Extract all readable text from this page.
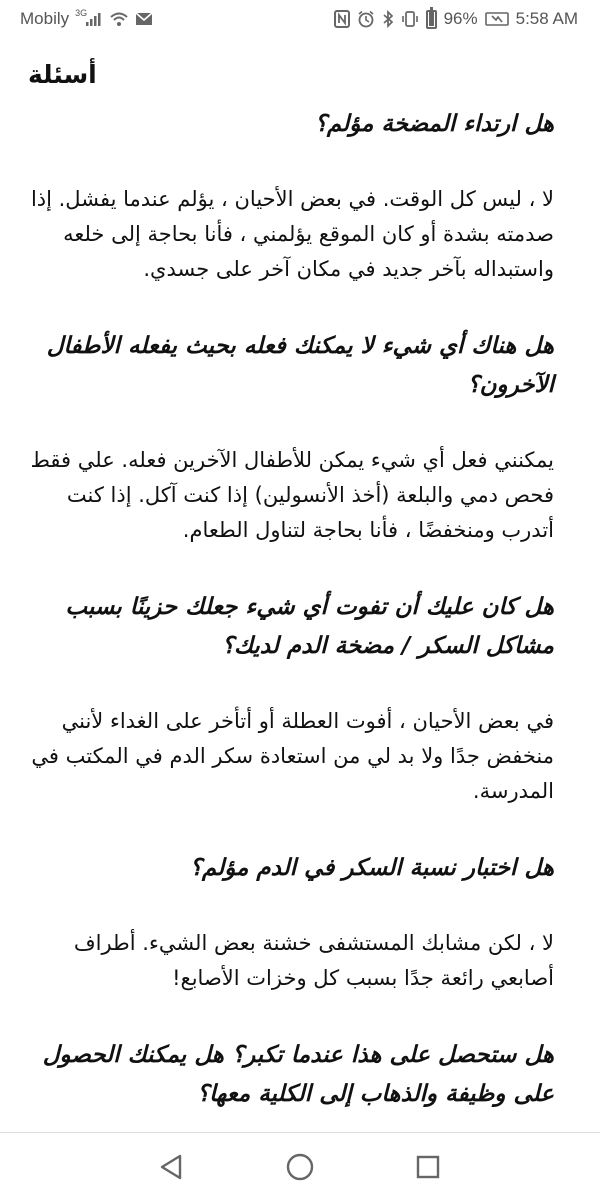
Mobily 3G	96% 5:58 AM
أسئلة
هل ارتداء المضخة مؤلم؟
لا ، ليس كل الوقت. في بعض الأحيان ، يؤلم عندما يفشل. إذا صدمته بشدة أو كان الموقع يؤلمني ، فأنا بحاجة إلى خلعه واستبداله بآخر جديد في مكان آخر على جسدي.
هل هناك أي شيء لا يمكنك فعله بحيث يفعله الأطفال الآخرون؟
يمكنني فعل أي شيء يمكن للأطفال الآخرين فعله. علي فقط فحص دمي والبلعة (أخذ الأنسولين) إذا كنت آكل. إذا كنت أتدرب ومنخفضًا ، فأنا بحاجة لتناول الطعام.
هل كان عليك أن تفوت أي شيء جعلك حزينًا بسبب مشاكل السكر / مضخة الدم لديك؟
في بعض الأحيان ، أفوت العطلة أو أتأخر على الغداء لأنني منخفض جدًا ولا بد لي من استعادة سكر الدم في المكتب في المدرسة.
هل اختبار نسبة السكر في الدم مؤلم؟
لا ، لكن مشابك المستشفى خشنة بعض الشيء. أطراف أصابعي رائعة جدًا بسبب كل وخزات الأصابع!
هل ستحصل على هذا عندما تكبر؟ هل يمكنك الحصول على وظيفة والذهاب إلى الكلية معها؟
